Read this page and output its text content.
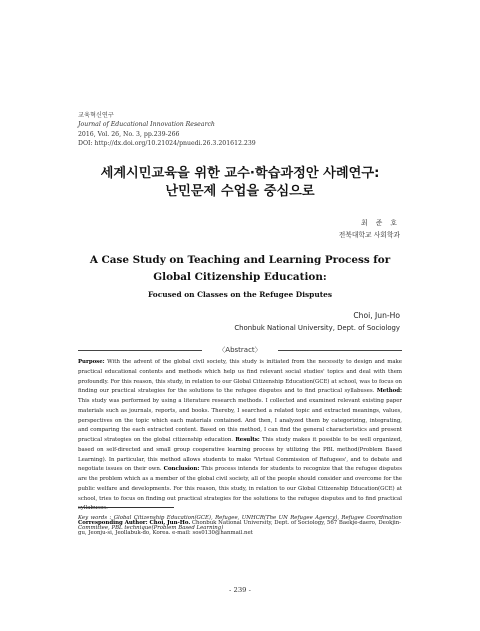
교육혁신연구
Journal of Educational Innovation Research
2016, Vol. 26, No. 3, pp.239-266
DOI: http://dx.doi.org/10.21024/pnuedi.26.3.201612.239
세계시민교육을 위한 교수·학습과정안 사례연구:
난민문제 수업을 중심으로
최 준 호
전북대학교 사회학과
A Case Study on Teaching and Learning Process for
Global Citizenship Education:
Focused on Classes on the Refugee Disputes
Choi, Jun-Ho
Chonbuk National University, Dept. of Sociology
〈Abstract〉
Purpose: With the advent of the global civil society, this study is initiated from the necessity to design and make practical educational contents and methods which help us find relevant social studies' topics and deal with them profoundly. For this reason, this study, in relation to our Global Citizenship Education(GCE) at school, was to focus on finding our practical strategies for the solutions to the refugee disputes and to find practical syllabuses. Method: This study was performed by using a literature research methods. I collected and examined relevant existing paper materials such as journals, reports, and books. Thereby, I searched a related topic and extracted meanings, values, perspectives on the topic which each materials contained. And then, I analyzed them by categorizing, integrating, and comparing the each extracted content. Based on this method, I can find the general characteristics and present practical strategies on the global citizenship education. Results: This study makes it possible to be well organized, based on self-directed and small group cooperative learning process by utilizing the PBL method(Problem Based Learning). In particular, this method allows students to make 'Virtual Commission of Refugees', and to debate and negotiate issues on their own. Conclusion: This process intends for students to recognize that the refugee disputes are the problem which as a member of the global civil society, all of the people should consider and overcome for the public welfare and developments. For this reason, this study, in relation to our Global Citizenship Education(GCE) at school, tries to focus on finding out practical strategies for the solutions to the refugee disputes and to find practical syllabuses.
Key words : Global Citizenship Education(GCE), Refugee, UNHCR(The UN Refugee Agency), Refugee Coordination Committee, PBL technique(Problem Based Learning)
Corresponding Author: Choi, Jun-Ho. Chonbuk National University, Dept. of Sociology, 567 Baekje-daero, Deokjin-gu, Jeonju-si, Jeollabuk-do, Korea. e-mail: sos0130@hanmail.net
- 239 -
